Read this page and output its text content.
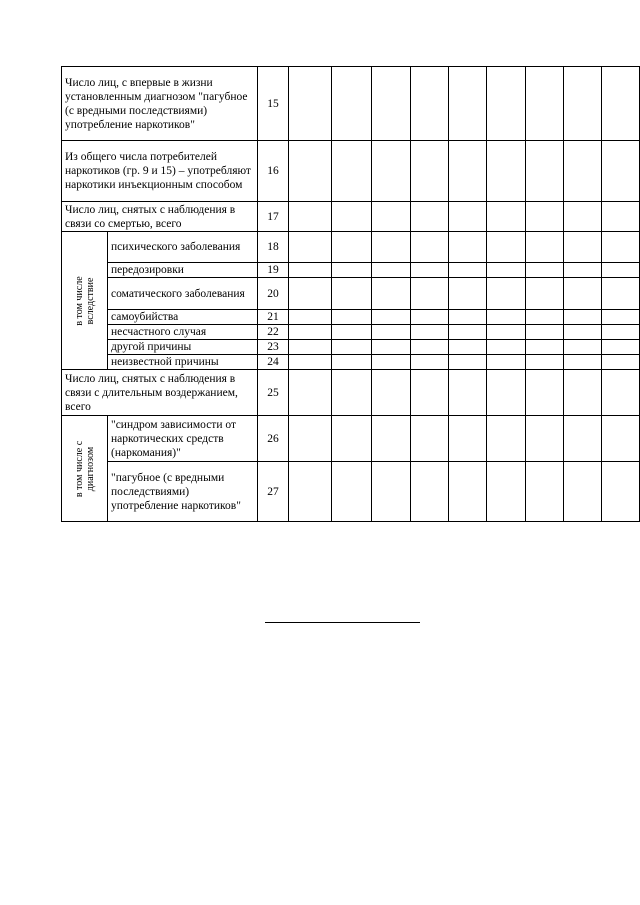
Число лиц, с впервые в жизни установленным диагнозом "пагубное (с вредными последствиями) употребление наркотиков"		15									
Из общего числа потребителей наркотиков (гр. 9 и 15) – употребляют наркотики инъекционным способом		16									
Число лиц, снятых с наблюдения в связи со смертью, всего		17									

в том числе вследствие	психического заболевания	18									
	передозировки	19									
	соматического заболевания	20									
	самоубийства	21									
	несчастного случая	22									
	другой причины	23									
	неизвестной причины	24									
Число лиц, снятых с наблюдения в связи с длительным воздержанием, всего		25									

в том числе с диагнозом	"синдром зависимости от наркотических средств (наркомания)"	26									
	"пагубное (с вредными последствиями) употребление наркотиков"	27									
